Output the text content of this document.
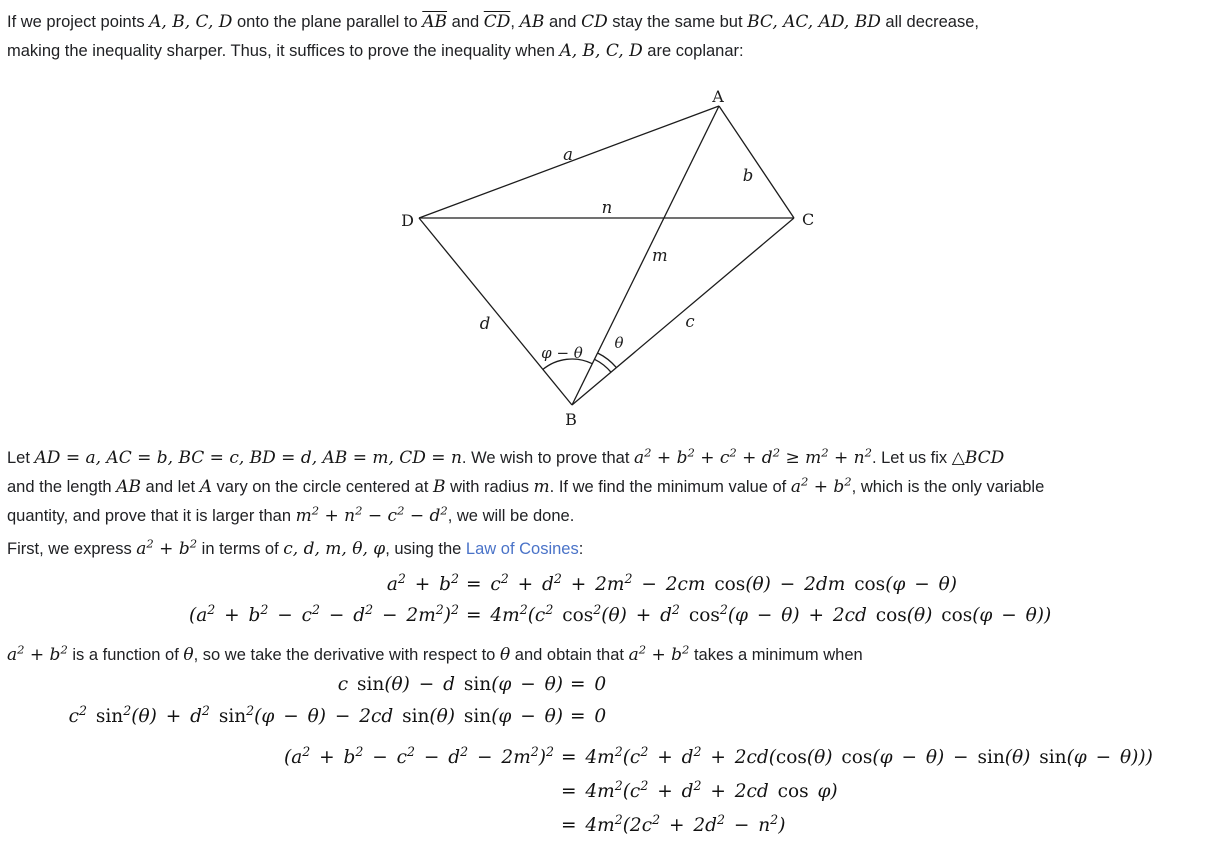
If we project points A, B, C, D onto the plane parallel to $\overline{AB}$ and $\overline{CD}$, AB and CD stay the same but BC, AC, AD, BD all decrease,
making the inequality sharper. Thus, it suffices to prove the inequality when A, B, C, D are coplanar:
A
B
C
D
a
b
n
m
d	c
φ − θ
θ
Let AD = a, AC = b, BC = c, BD = d, AB = m, CD = n. We wish to prove that $a^2 + b^2 + c^2 + d^2 \ge m^2 + n^2$. Let us fix △BCD
and the length AB and let A vary on the circle centered at B with radius m. If we find the minimum value of $a^2 + b^2$, which is the only variable
quantity, and prove that it is larger than $m^2 + n^2 - c^2 - d^2$, we will be done.
First, we express $a^2 + b^2$ in terms of c, d, m, θ, φ, using the Law of Cosines:
$a^2 + b^2 = c^2 + d^2 + 2m^2 - 2cm$ cos(θ) − 2dm cos(φ − θ)
$(a^2 + b^2 - c^2 - d^2 - 2m^2)^2 = 4m^2(c^2$ $\cos^2(\theta) + d^2$ $\cos^2(\varphi - \theta) + 2cd$ cos(θ) cos(φ − θ))
$a^2 + b^2$ is a function of θ, so we take the derivative with respect to θ and obtain that $a^2 + b^2$ takes a minimum when
c sin(θ) − d sin(φ − θ) = 0
$c^2$ $\sin^2(\theta) + d^2$ $\sin^2(\varphi - \theta) - 2cd$ sin(θ) sin(φ − θ) = 0
$(a^2 + b^2 - c^2 - d^2 - 2m^2)^2 = 4m^2(c^2 + d^2 + 2cd(\cos(\theta) \cos(\varphi - \theta) - \sin(\theta) \sin(\varphi - \theta)))$
= $4m^2(c^2 + d^2 + 2cd$ cos φ)
= $4m^2(2c^2 + 2d^2 - n^2)$
